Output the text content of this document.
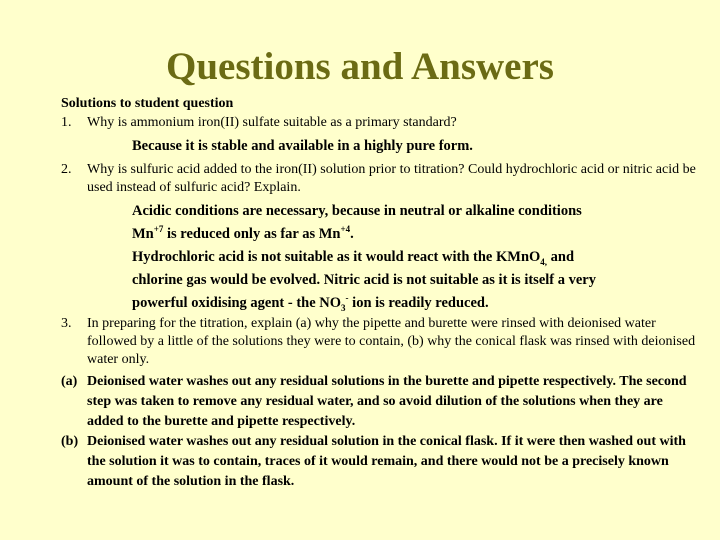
Questions and Answers
Solutions to student question
1. Why is ammonium iron(II) sulfate suitable as a primary standard?
Because it is stable and available in a highly pure form.
2. Why is sulfuric acid added to the iron(II) solution prior to titration? Could hydrochloric acid or nitric acid be used instead of sulfuric acid? Explain.
Acidic conditions are necessary, because in neutral or alkaline conditions
$Mn^{+7}$ is reduced only as far as $Mn^{+4}$.
Hydrochloric acid is not suitable as it would react with the KMnO$_{4,}$ and
chlorine gas would be evolved. Nitric acid is not suitable as it is itself a very
powerful oxidising agent - the $NO_3^-$ ion is readily reduced.
3. In preparing for the titration, explain (a) why the pipette and burette were rinsed with deionised water followed by a little of the solutions they were to contain, (b) why the conical flask was rinsed with deionised water only.
(a) Deionised water washes out any residual solutions in the burette and pipette respectively. The second step was taken to remove any residual water, and so avoid dilution of the solutions when they are added to the burette and pipette respectively.
(b) Deionised water washes out any residual solution in the conical flask. If it were then washed out with the solution it was to contain, traces of it would remain, and there would not be a precisely known amount of the solution in the flask.
